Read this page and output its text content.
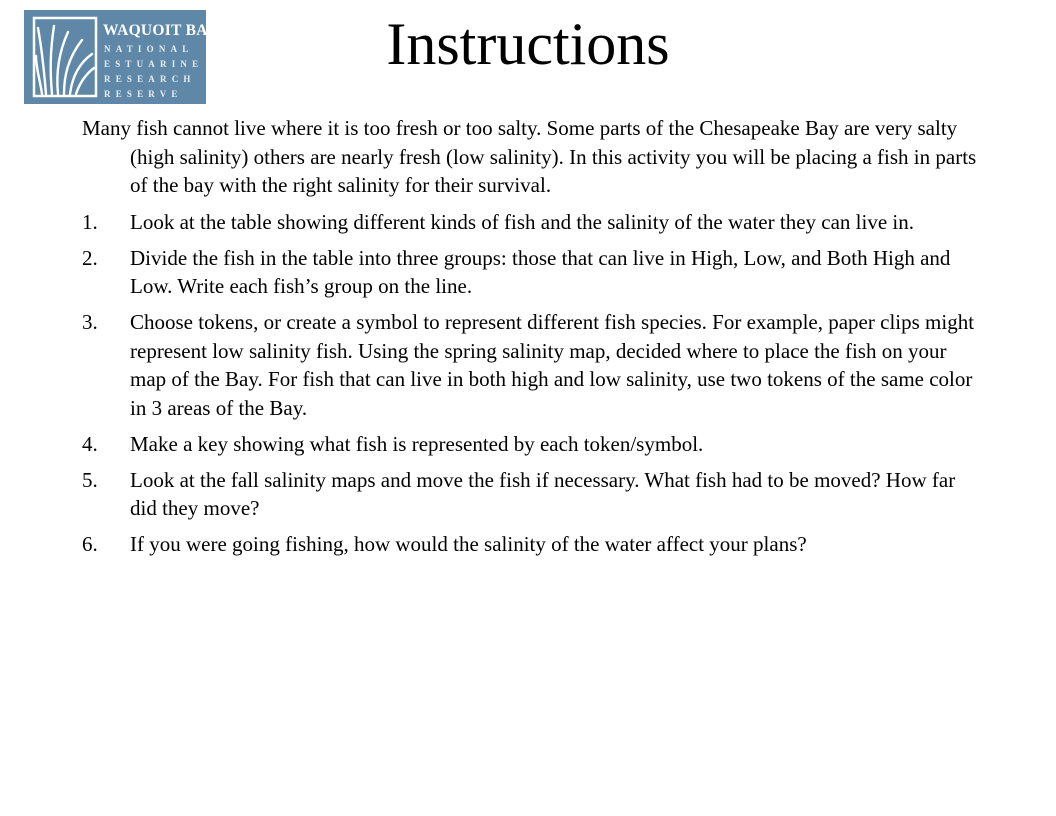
WAQUOIT BAY
NATIONAL
ESTUARINE
RESEARCH
RESERVE
Instructions

Many fish cannot live where it is too fresh or too salty. Some parts of the Chesapeake Bay are very salty (high salinity) others are nearly fresh (low salinity). In this activity you will be placing a fish in parts of the bay with the right salinity for their survival.

1.	Look at the table showing different kinds of fish and the salinity of the water they can live in.
2.	Divide the fish in the table into three groups: those that can live in High, Low, and Both High and Low. Write each fish’s group on the line.
3.	Choose tokens, or create a symbol to represent different fish species. For example, paper clips might represent low salinity fish. Using the spring salinity map, decided where to place the fish on your map of the Bay. For fish that can live in both high and low salinity, use two tokens of the same color in 3 areas of the Bay.
4.	Make a key showing what fish is represented by each token/symbol.
5.	Look at the fall salinity maps and move the fish if necessary. What fish had to be moved? How far did they move?
6.	If you were going fishing, how would the salinity of the water affect your plans?
